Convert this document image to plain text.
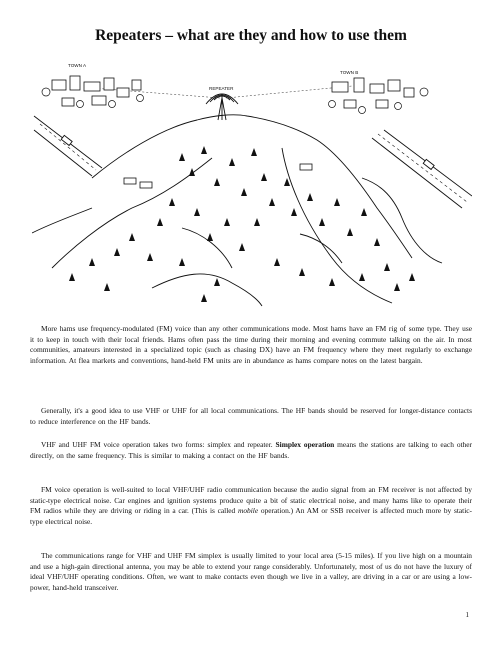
Repeaters – what are they and how to use them
TOWN A
TOWN B
REPEATER

More hams use frequency-modulated (FM) voice than any other communications mode. Most hams have an FM rig of some type. They use it to keep in touch with their local friends. Hams often pass the time during their morning and evening commute talking on the air. In most communities, amateurs interested in a specialized topic (such as chasing DX) have an FM frequency where they meet regularly to exchange information. At flea markets and conventions, hand-held FM units are in abundance as hams compare notes on the latest bargain.

Generally, it's a good idea to use VHF or UHF for all local communications. The HF bands should be reserved for longer-distance contacts to reduce interference on the HF bands.

VHF and UHF FM voice operation takes two forms: simplex and repeater. Simplex operation means the stations are talking to each other directly, on the same frequency. This is similar to making a contact on the HF bands.

FM voice operation is well-suited to local VHF/UHF radio communication because the audio signal from an FM receiver is not affected by static-type electrical noise. Car engines and ignition systems produce quite a bit of static electrical noise, and many hams like to operate their FM radios while they are driving or riding in a car. (This is called mobile operation.) An AM or SSB receiver is affected much more by static-type electrical noise.

The communications range for VHF and UHF FM simplex is usually limited to your local area (5-15 miles). If you live high on a mountain and use a high-gain directional antenna, you may be able to extend your range considerably. Unfortunately, most of us do not have the luxury of ideal VHF/UHF operating conditions. Often, we want to make contacts even though we live in a valley, are driving in a car or are using a low-power, hand-held transceiver.

1
